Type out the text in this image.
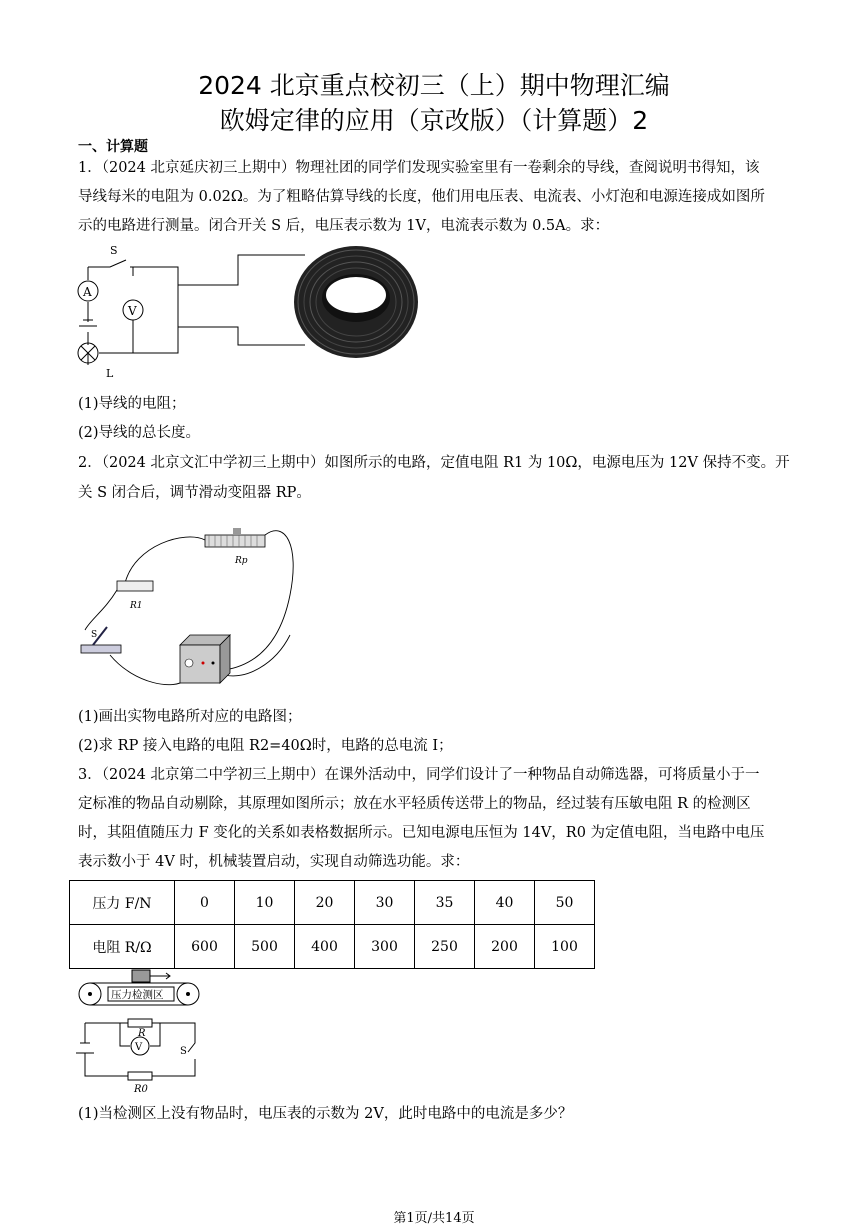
2024 北京重点校初三（上）期中物理汇编
欧姆定律的应用（京改版）（计算题）2
一、计算题
1．（2024 北京延庆初三上期中）物理社团的同学们发现实验室里有一卷剩余的导线，查阅说明书得知，该
导线每米的电阻为 0.02Ω。为了粗略估算导线的长度，他们用电压表、电流表、小灯泡和电源连接成如图所
示的电路进行测量。闭合开关 S 后，电压表示数为 1V，电流表示数为 0.5A。求：
S
A
V
L
(1)导线的电阻；
(2)导线的总长度。
2．（2024 北京文汇中学初三上期中）如图所示的电路，定值电阻 R1 为 10Ω，电源电压为 12V 保持不变。开
关 S 闭合后，调节滑动变阻器 RP。
Rp
R1
S
(1)画出实物电路所对应的电路图；
(2)求 RP 接入电路的电阻 R2=40Ω时，电路的总电流 I；
3．（2024 北京第二中学初三上期中）在课外活动中，同学们设计了一种物品自动筛选器，可将质量小于一
定标准的物品自动剔除，其原理如图所示；放在水平轻质传送带上的物品，经过装有压敏电阻 R 的检测区
时，其阻值随压力 F 变化的关系如表格数据所示。已知电源电压恒为 14V，R0 为定值电阻，当电路中电压
表示数小于 4V 时，机械装置启动，实现自动筛选功能。求：
压力 F/N	0	10	20	30	35	40	50
电阻 R/Ω	600	500	400	300	250	200	100
压力检测区
R
V	S
R0
(1)当检测区上没有物品时，电压表的示数为 2V，此时电路中的电流是多少？
第1页/共14页
